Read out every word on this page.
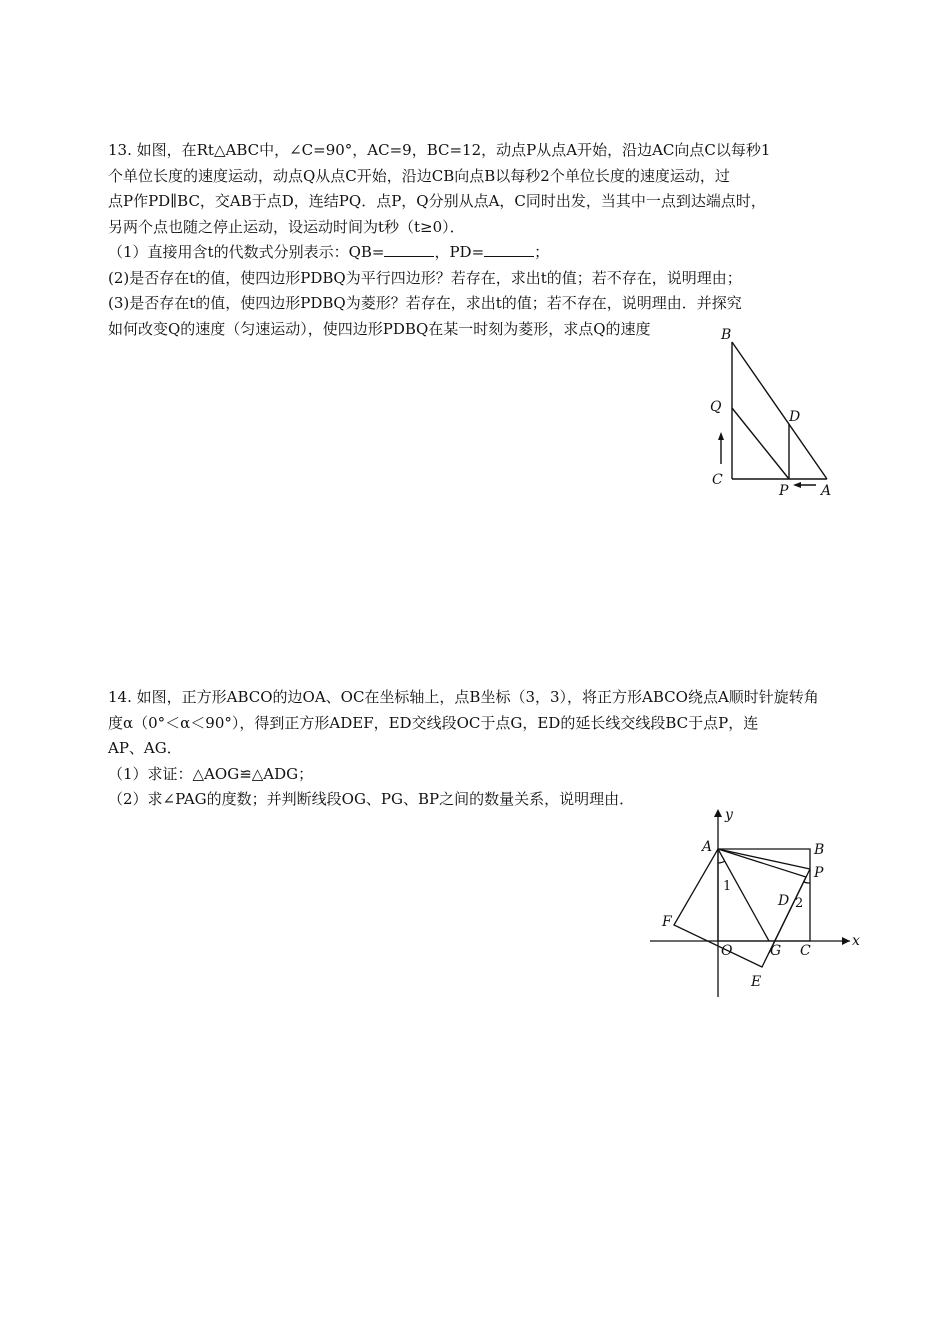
13. 如图，在Rt△ABC中，∠C=90°，AC=9，BC=12，动点P从点A开始，沿边AC向点C以每秒1
个单位长度的速度运动，动点Q从点C开始，沿边CB向点B以每秒2个单位长度的速度运动，过
点P作PD∥BC，交AB于点D，连结PQ．点P，Q分别从点A，C同时出发，当其中一点到达端点时，
另两个点也随之停止运动，设运动时间为t秒（t≥0）．
（1）直接用含t的代数式分别表示：QB=	，PD=	；
(2)是否存在t的值，使四边形PDBQ为平行四边形？若存在，求出t的值；若不存在，说明理由；
(3)是否存在t的值，使四边形PDBQ为菱形？若存在，求出t的值；若不存在，说明理由．并探究
如何改变Q的速度（匀速运动），使四边形PDBQ在某一时刻为菱形，求点Q的速度	B
Q
D
C
P A
14. 如图，正方形ABCO的边OA、OC在坐标轴上，点B坐标（3，3），将正方形ABCO绕点A顺时针旋转角
度α（0°＜α＜90°），得到正方形ADEF，ED交线段OC于点G，ED的延长线交线段BC于点P，连
AP、AG．
（1）求证：△AOG≌△ADG；
（2）求∠PAG的度数；并判断线段OG、PG、BP之间的数量关系，说明理由．
y
x
A	B
P
D 2
1
F
O	G C
E
